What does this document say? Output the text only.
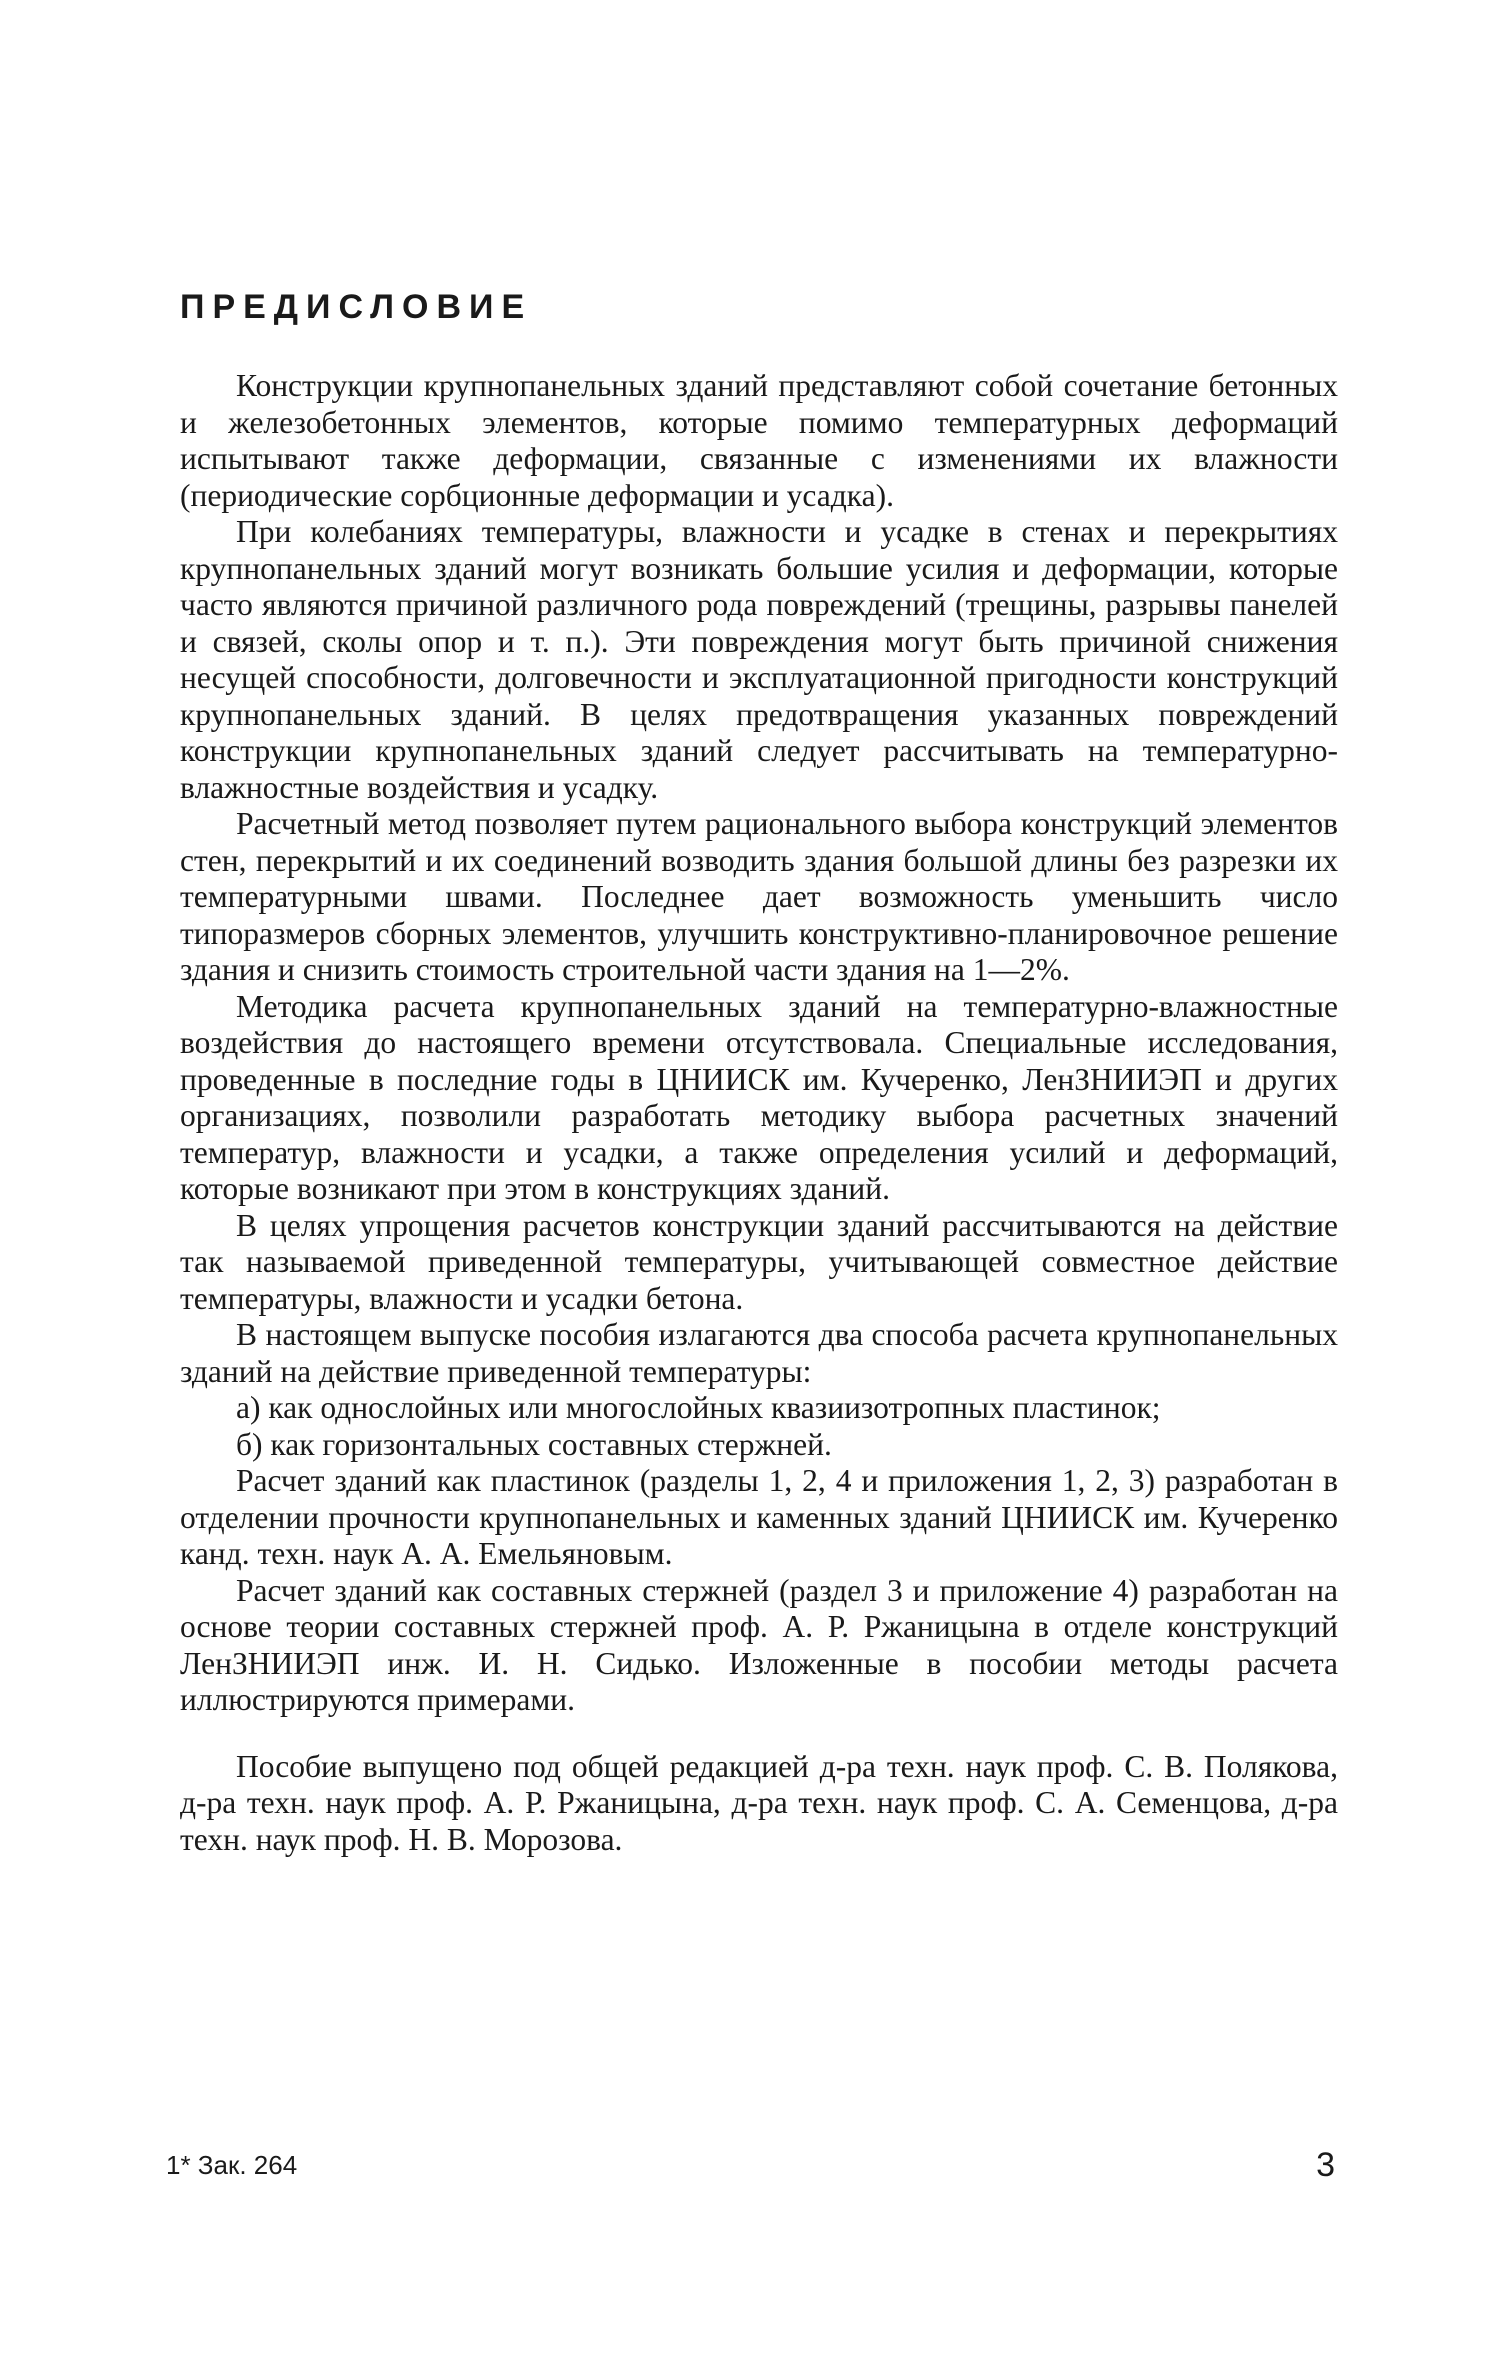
ПРЕДИСЛОВИЕ

Конструкции крупнопанельных зданий представляют собой сочетание бетонных и железобетонных элементов, которые помимо температурных деформаций испытывают также деформации, связанные с изменениями их влажности (периодические сорбционные деформации и усадка).

При колебаниях температуры, влажности и усадке в стенах и перекрытиях крупнопанельных зданий могут возникать большие усилия и деформации, которые часто являются причиной различного рода повреждений (трещины, разрывы панелей и связей, сколы опор и т. п.). Эти повреждения могут быть причиной снижения несущей способности, долговечности и эксплуатационной пригодности конструкций крупнопанельных зданий. В целях предотвращения указанных повреждений конструкции крупнопанельных зданий следует рассчитывать на температурно-влажностные воздействия и усадку.

Расчетный метод позволяет путем рационального выбора конструкций элементов стен, перекрытий и их соединений возводить здания большой длины без разрезки их температурными швами. Последнее дает возможность уменьшить число типоразмеров сборных элементов, улучшить конструктивно-планировочное решение здания и снизить стоимость строительной части здания на 1—2%.

Методика расчета крупнопанельных зданий на температурно-влажностные воздействия до настоящего времени отсутствовала. Специальные исследования, проведенные в последние годы в ЦНИИСК им. Кучеренко, ЛенЗНИИЭП и других организациях, позволили разработать методику выбора расчетных значений температур, влажности и усадки, а также определения усилий и деформаций, которые возникают при этом в конструкциях зданий.

В целях упрощения расчетов конструкции зданий рассчитываются на действие так называемой приведенной температуры, учитывающей совместное действие температуры, влажности и усадки бетона.

В настоящем выпуске пособия излагаются два способа расчета крупнопанельных зданий на действие приведенной температуры:

а) как однослойных или многослойных квазиизотропных пластинок;

б) как горизонтальных составных стержней.

Расчет зданий как пластинок (разделы 1, 2, 4 и приложения 1, 2, 3) разработан в отделении прочности крупнопанельных и каменных зданий ЦНИИСК им. Кучеренко канд. техн. наук А. А. Емельяновым.

Расчет зданий как составных стержней (раздел 3 и приложение 4) разработан на основе теории составных стержней проф. А. Р. Ржаницына в отделе конструкций ЛенЗНИИЭП инж. И. Н. Сидько. Изложенные в пособии методы расчета иллюстрируются примерами.

Пособие выпущено под общей редакцией д-ра техн. наук проф. С. В. Полякова, д-ра техн. наук проф. А. Р. Ржаницына, д-ра техн. наук проф. С. А. Семенцова, д-ра техн. наук проф. Н. В. Морозова.

1* Зак. 264	3
